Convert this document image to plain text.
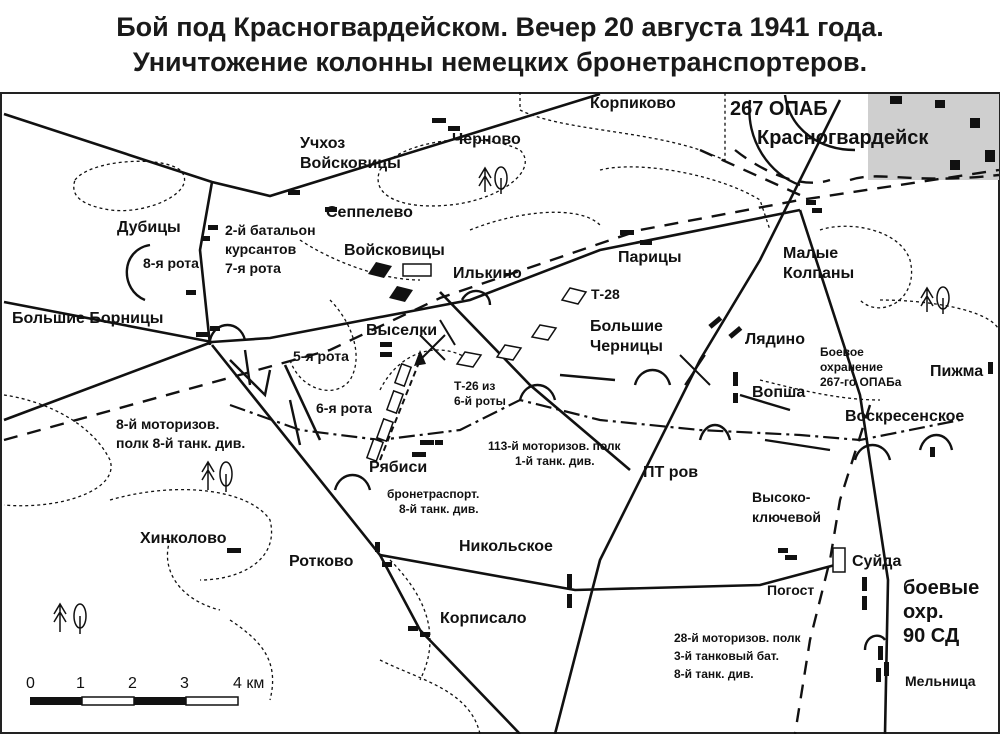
Бой под Красногвардейском. Вечер 20 августа 1941 года.
Уничтожение колонны немецких бронетранспортеров.
Корпиково	267 ОПАБ
Красногвардейск
Учхоз
Войсковицы
Черново
Сеппелево
Дубицы
Войсковицы
Илькино
Парицы	Малые
Колпаны
Большие Борницы
Выселки	Большие
Черницы	Лядино
Вопша
Пижма
Воскресенское
Рябиси	ПТ ров
Высоко-
ключевой
Хинколово
Ротково
Никольское
Суйда
Погост
Корписало
Мельница
2-й батальон
курсантов
7-я рота
8-я рота
5-я рота
6-я рота
Т-28
Т-26 из
6-й роты
8-й моторизов.
полк 8-й танк. див.	113-й моторизов. полк
1-й танк. див.
бронетраспорт.
8-й танк. див.
Боевое
охранение
267-го ОПАБа
боевые
охр.
90 СД
28-й моторизов. полк
3-й танковый бат.
8-й танк. див.
0	1	2	3	4 км
